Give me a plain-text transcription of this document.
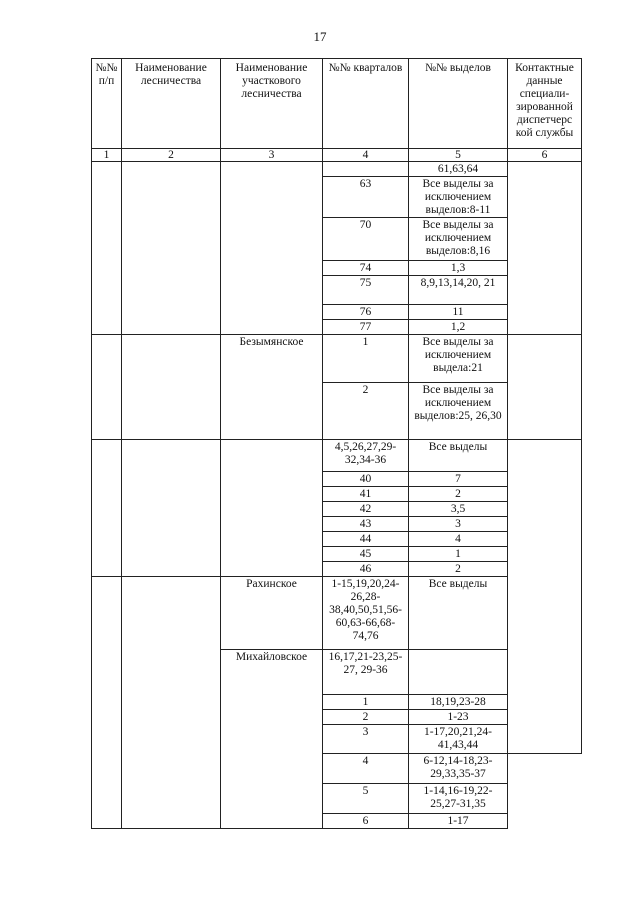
17
№№ п/п	Наименование лесничества	Наименование участкового лесничества	№№ кварталов	№№ выделов	Контактные данные специали-зированной диспетчерс кой службы
1	2	3	4	5	6
				61,63,64	
			63	Все выделы за исключением выделов:8-11	
			70	Все выделы за исключением выделов:8,16	
			74	1,3	
			75	8,9,13,14,20, 21	
			76	11	
			77	1,2	
		Безымянское	1	Все выделы за исключением выдела:21	
			2	Все выделы за исключением выделов:25, 26,30	
			4,5,26,27,29-32,34-36	Все выделы	
			40	7	
			41	2	
			42	3,5	
			43	3	
			44	4	
			45	1	
			46	2	
		Рахинское	1-15,19,20,24-26,28-38,40,50,51,56-60,63-66,68-74,76	Все выделы	
		Михайловское	16,17,21-23,25-27, 29-36		
			1	18,19,23-28	
			2	1-23	
			3	1-17,20,21,24-41,43,44	
			4	6-12,14-18,23-29,33,35-37	
			5	1-14,16-19,22-25,27-31,35	
			6	1-17	
